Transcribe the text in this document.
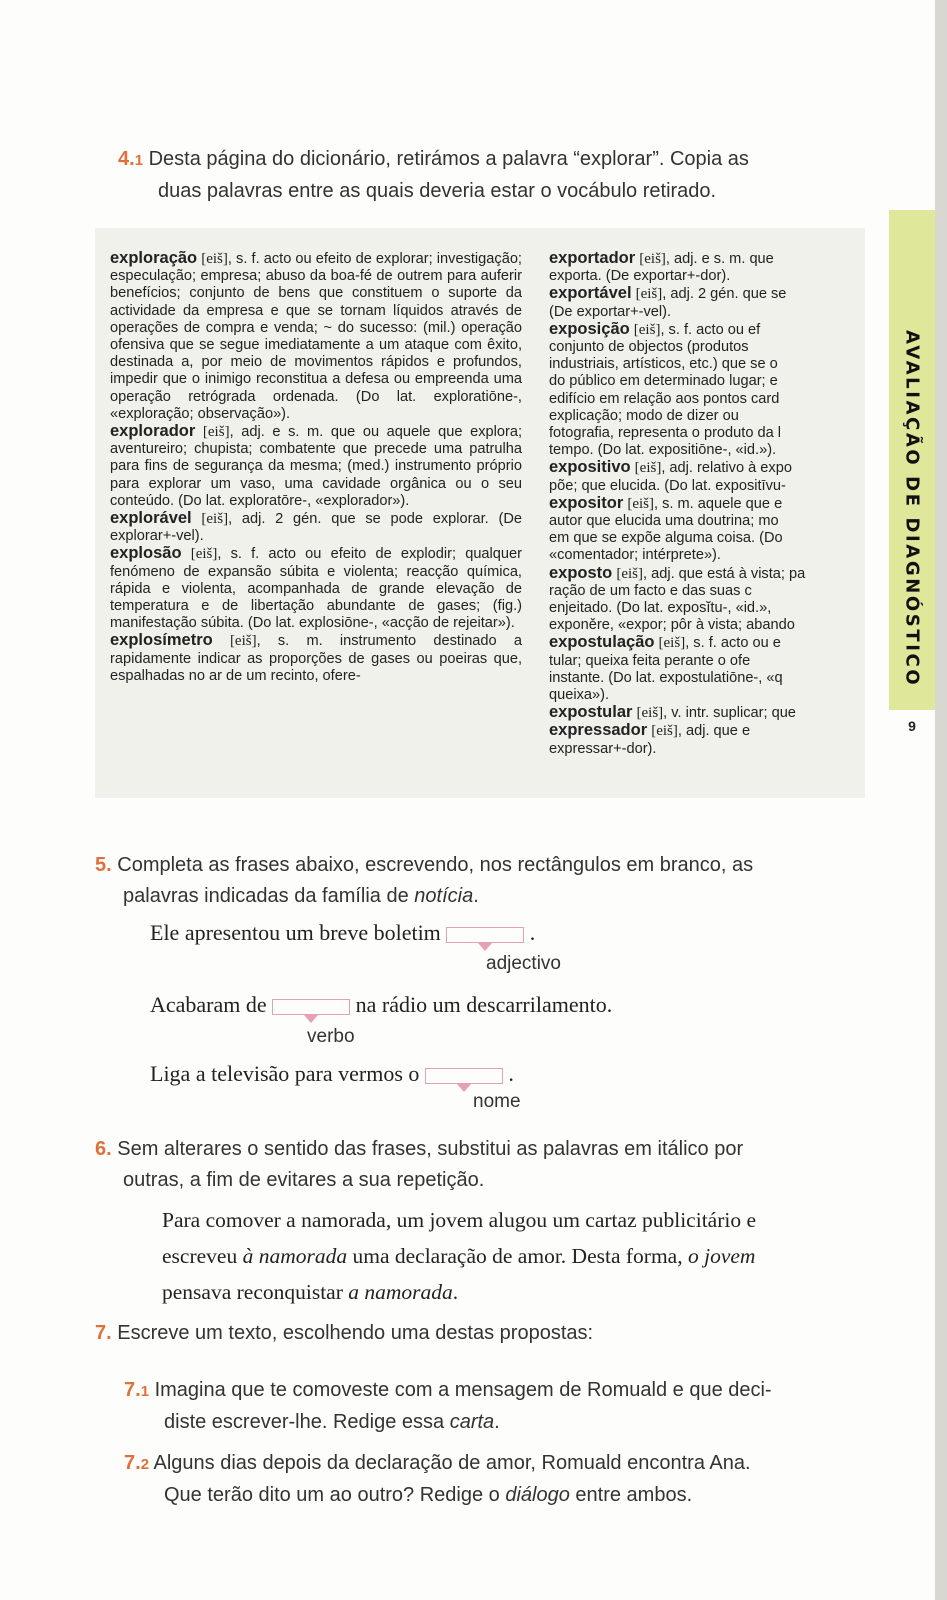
AVALIAÇÃO DE DIAGNÓSTICO
9
4.1 Desta página do dicionário, retirámos a palavra “explorar”. Copia as
duas palavras entre as quais deveria estar o vocábulo retirado.

exploração [eiš], s. f. acto ou efeito de explorar; investigação; especulação; empresa; abuso da boa-fé de outrem para auferir benefícios; conjunto de bens que constituem o suporte da actividade da empresa e que se tornam líquidos através de operações de compra e venda; ~ do sucesso: (mil.) operação ofensiva que se segue imediatamente a um ataque com êxito, destinada a, por meio de movimentos rápidos e profundos, impedir que o inimigo reconstitua a defesa ou empreenda uma operação retrógrada ordenada. (Do lat. exploratiōne-, «exploração; observação»).

explorador [eiš], adj. e s. m. que ou aquele que explora; aventureiro; chupista; combatente que precede uma patrulha para fins de segurança da mesma; (med.) instrumento próprio para explorar um vaso, uma cavidade orgânica ou o seu conteúdo. (Do lat. exploratōre-, «explorador»).

explorável [eiš], adj. 2 gén. que se pode explorar. (De explorar+-vel).

explosão [eiš], s. f. acto ou efeito de explodir; qualquer fenómeno de expansão súbita e violenta; reacção química, rápida e violenta, acompanhada de grande elevação de temperatura e de libertação abundante de gases; (fig.) manifestação súbita. (Do lat. explosiōne-, «acção de rejeitar»).

explosímetro [eiš], s. m. instrumento destinado a rapidamente indicar as proporções de gases ou poeiras que, espalhadas no ar de um recinto, ofere-

exportador [eiš], adj. e s. m. que

exporta. (De exportar+-dor).

exportável [eiš], adj. 2 gén. que se

(De exportar+-vel).

exposição [eiš], s. f. acto ou ef

conjunto de objectos (produtos

industriais, artísticos, etc.) que se o

do público em determinado lugar; e

edifício em relação aos pontos card

explicação; modo de dizer ou

fotografia, representa o produto da l

tempo. (Do lat. expositiōne-, «id.»).

expositivo [eiš], adj. relativo à expo

põe; que elucida. (Do lat. expositīvu-

expositor [eiš], s. m. aquele que e

autor que elucida uma doutrina; mo

em que se expõe alguma coisa. (Do

«comentador; intérprete»).

exposto [eiš], adj. que está à vista; pa

ração de um facto e das suas c

enjeitado. (Do lat. exposĭtu-, «id.»,

exponěre, «expor; pôr à vista; abando

expostulação [eiš], s. f. acto ou e

tular; queixa feita perante o ofe

instante. (Do lat. expostulatiōne-, «q

queixa»).

expostular [eiš], v. intr. suplicar; que

expressador [eiš], adj. que e

expressar+-dor).

5. Completa as frases abaixo, escrevendo, nos rectângulos em branco, as
palavras indicadas da família de notícia.
Ele apresentou um breve boletim	.
adjectivo
Acabaram de	na rádio um descarrilamento.
verbo
Liga a televisão para vermos o	.
nome
6. Sem alterares o sentido das frases, substitui as palavras em itálico por
outras, a fim de evitares a sua repetição.
Para comover a namorada, um jovem alugou um cartaz publicitário e
escreveu à namorada uma declaração de amor. Desta forma, o jovem
pensava reconquistar a namorada.
7. Escreve um texto, escolhendo uma destas propostas:
7.1 Imagina que te comoveste com a mensagem de Romuald e que deci-
diste escrever-lhe. Redige essa carta.
7.2 Alguns dias depois da declaração de amor, Romuald encontra Ana.
Que terão dito um ao outro? Redige o diálogo entre ambos.
